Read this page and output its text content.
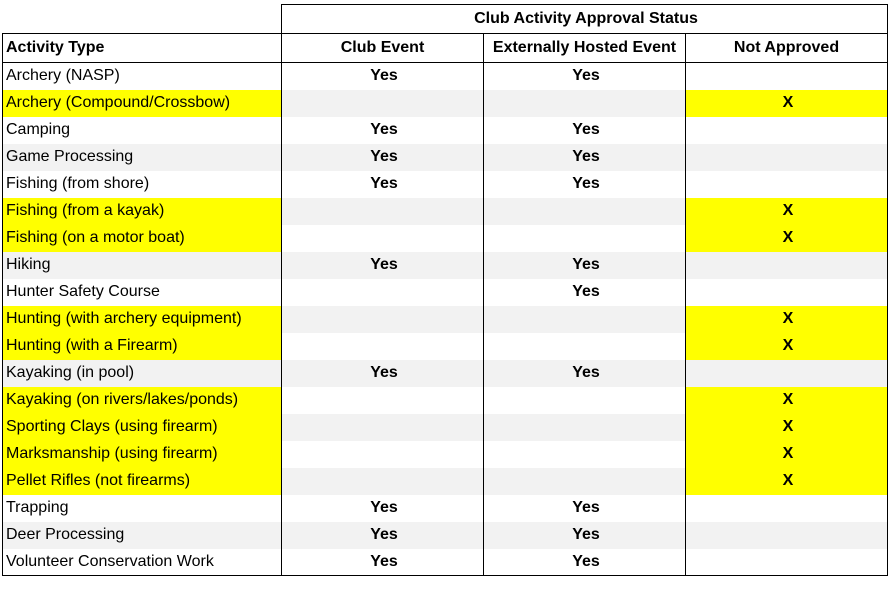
	Club Activity Approval Status		
Activity Type	Club Event	Externally Hosted Event	Not Approved
Archery (NASP)	Yes	Yes	
Archery (Compound/Crossbow)			X
Camping	Yes	Yes	
Game Processing	Yes	Yes	
Fishing (from shore)	Yes	Yes	
Fishing (from a kayak)			X
Fishing (on a motor boat)			X
Hiking	Yes	Yes	
Hunter Safety Course		Yes	
Hunting (with archery equipment)			X
Hunting (with a Firearm)			X
Kayaking (in pool)	Yes	Yes	
Kayaking (on rivers/lakes/ponds)			X
Sporting Clays (using firearm)			X
Marksmanship (using firearm)			X
Pellet Rifles (not firearms)			X
Trapping	Yes	Yes	
Deer Processing	Yes	Yes	
Volunteer Conservation Work	Yes	Yes	
